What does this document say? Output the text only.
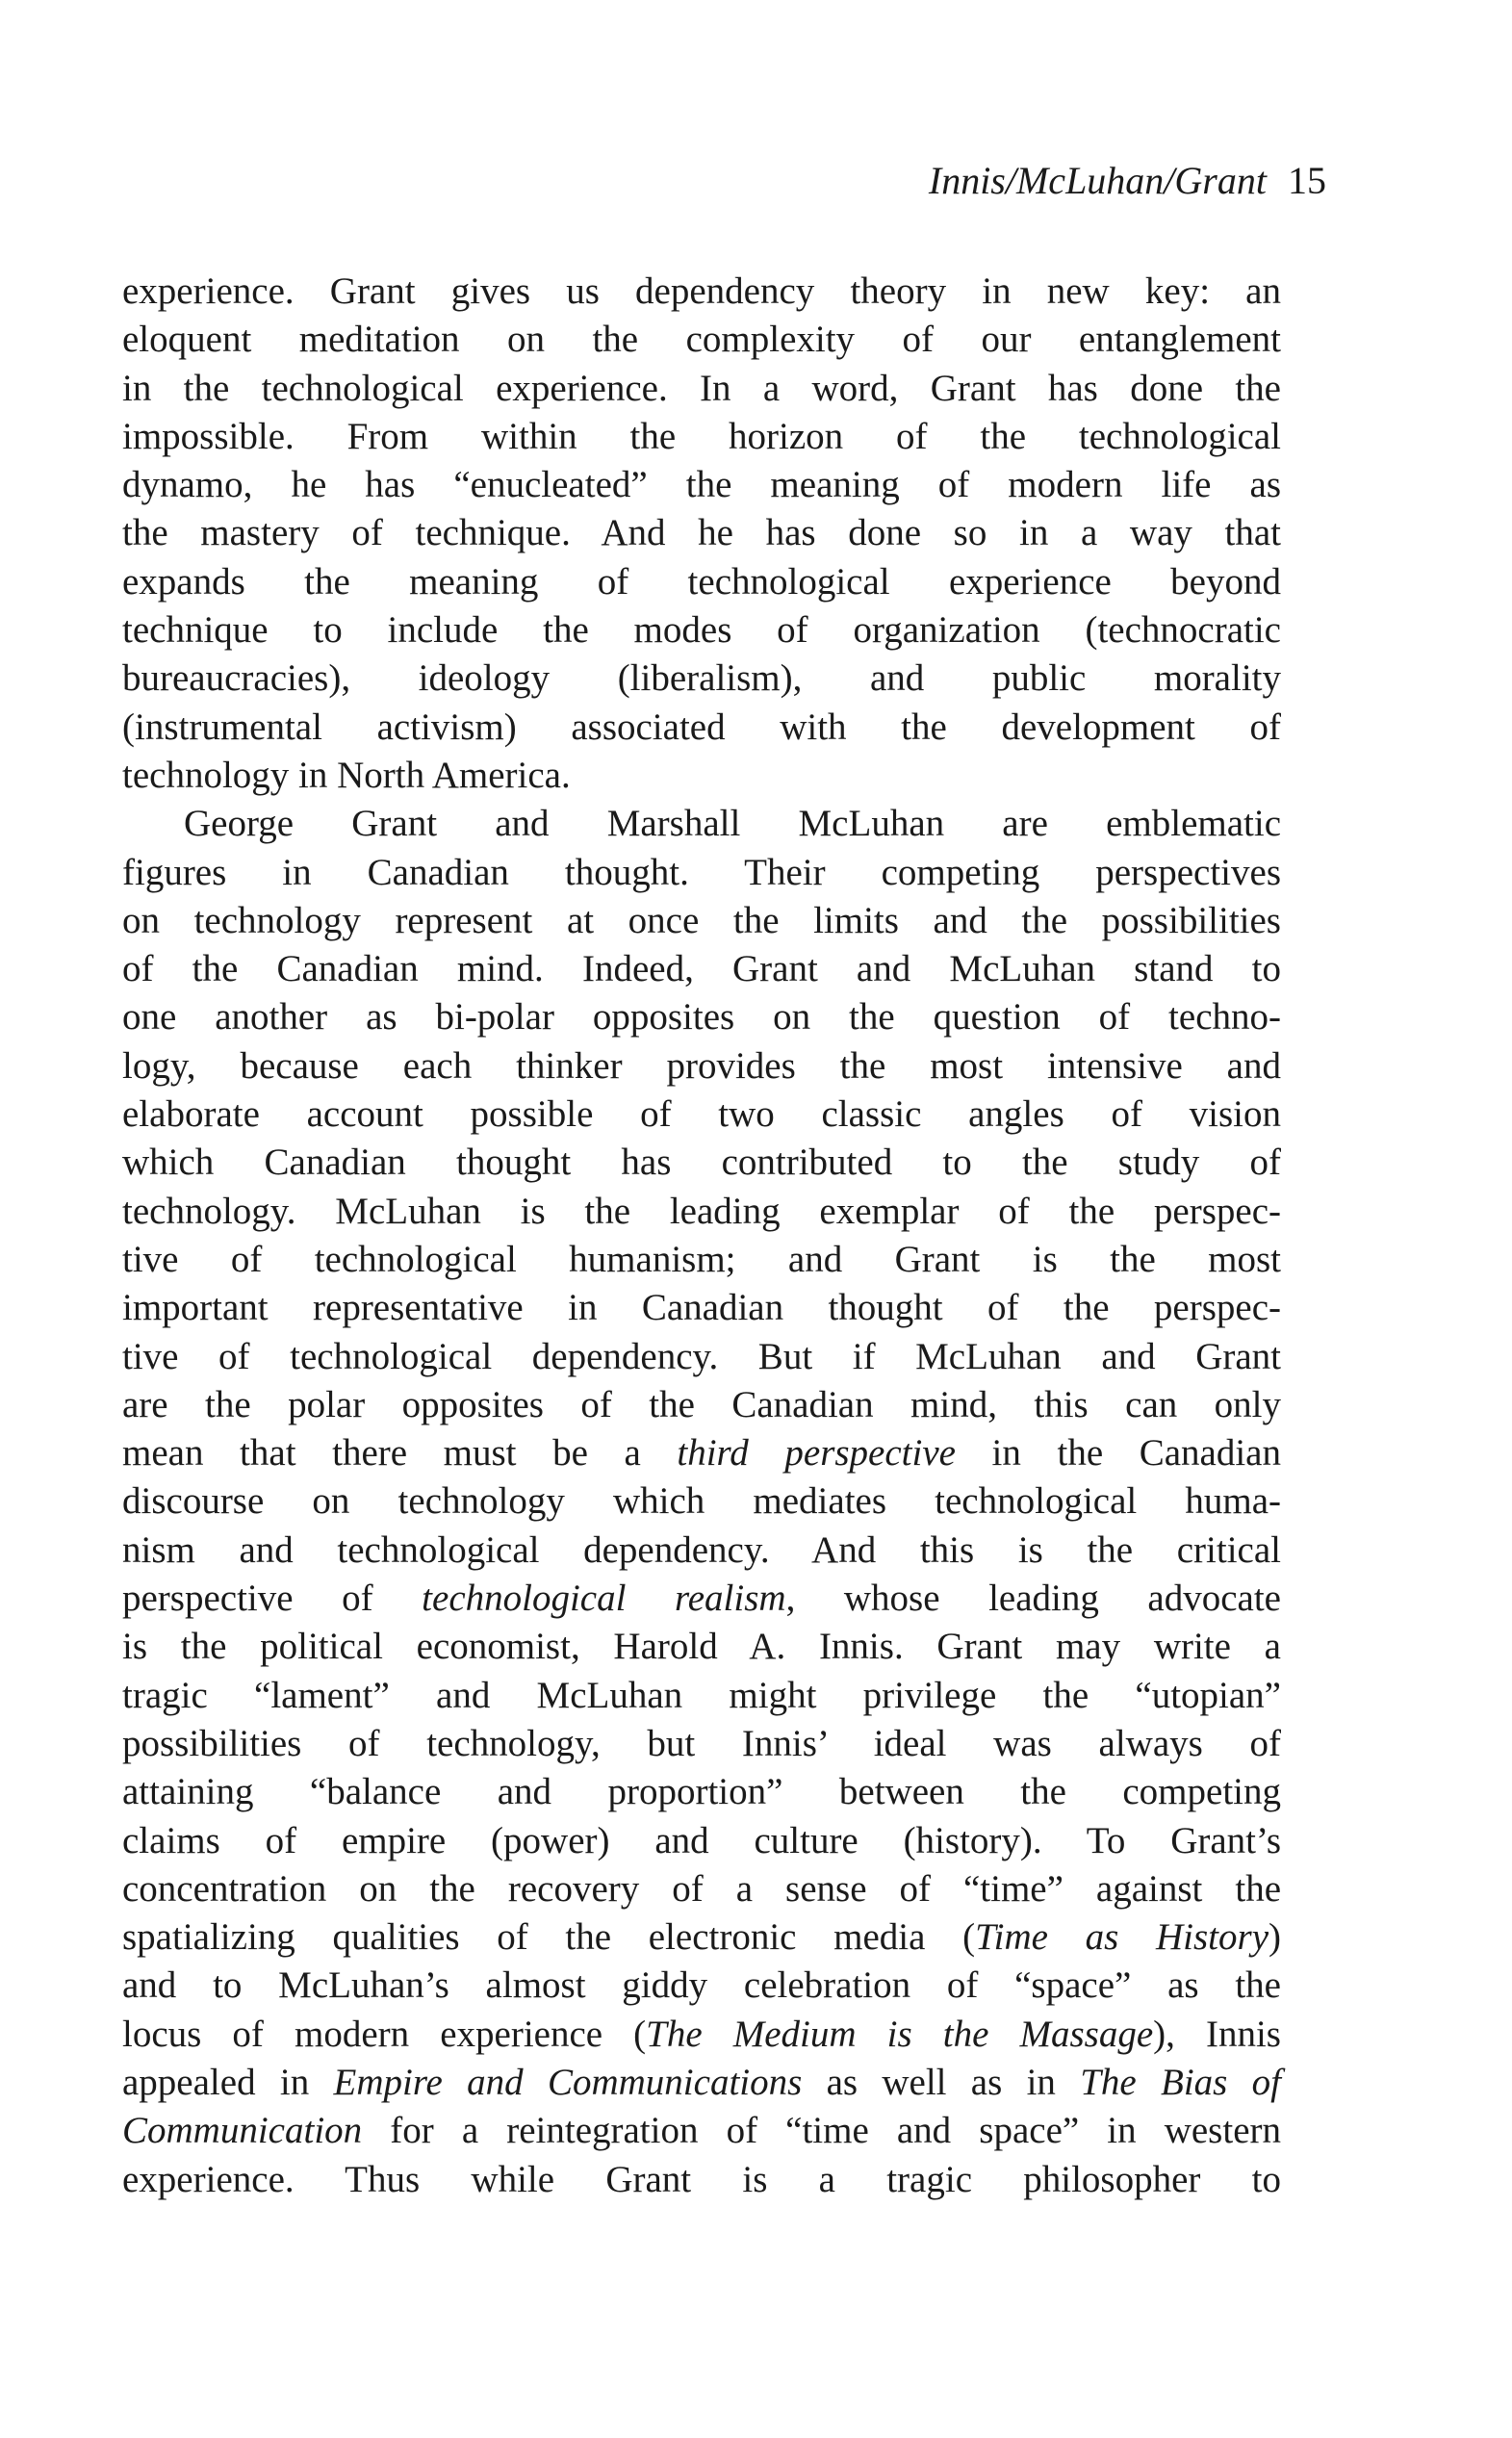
Innis/McLuhan/Grant 15
experience. Grant gives us dependency theory in new key: an
eloquent meditation on the complexity of our entanglement
in the technological experience. In a word, Grant has done the
impossible. From within the horizon of the technological
dynamo, he has “enucleated” the meaning of modern life as
the mastery of technique. And he has done so in a way that
expands the meaning of technological experience beyond
technique to include the modes of organization (technocratic
bureaucracies), ideology (liberalism), and public morality
(instrumental activism) associated with the development of
technology in North America.
George Grant and Marshall McLuhan are emblematic
figures in Canadian thought. Their competing perspectives
on technology represent at once the limits and the possibilities
of the Canadian mind. Indeed, Grant and McLuhan stand to
one another as bi-polar opposites on the question of techno-
logy, because each thinker provides the most intensive and
elaborate account possible of two classic angles of vision
which Canadian thought has contributed to the study of
technology. McLuhan is the leading exemplar of the perspec-
tive of technological humanism; and Grant is the most
important representative in Canadian thought of the perspec-
tive of technological dependency. But if McLuhan and Grant
are the polar opposites of the Canadian mind, this can only
mean that there must be a third perspective in the Canadian
discourse on technology which mediates technological huma-
nism and technological dependency. And this is the critical
perspective of technological realism, whose leading advocate
is the political economist, Harold A. Innis. Grant may write a
tragic “lament” and McLuhan might privilege the “utopian”
possibilities of technology, but Innis’ ideal was always of
attaining “balance and proportion” between the competing
claims of empire (power) and culture (history). To Grant’s
concentration on the recovery of a sense of “time” against the
spatializing qualities of the electronic media (Time as History)
and to McLuhan’s almost giddy celebration of “space” as the
locus of modern experience (The Medium is the Massage), Innis
appealed in Empire and Communications as well as in The Bias of
Communication for a reintegration of “time and space” in western
experience. Thus while Grant is a tragic philosopher to
